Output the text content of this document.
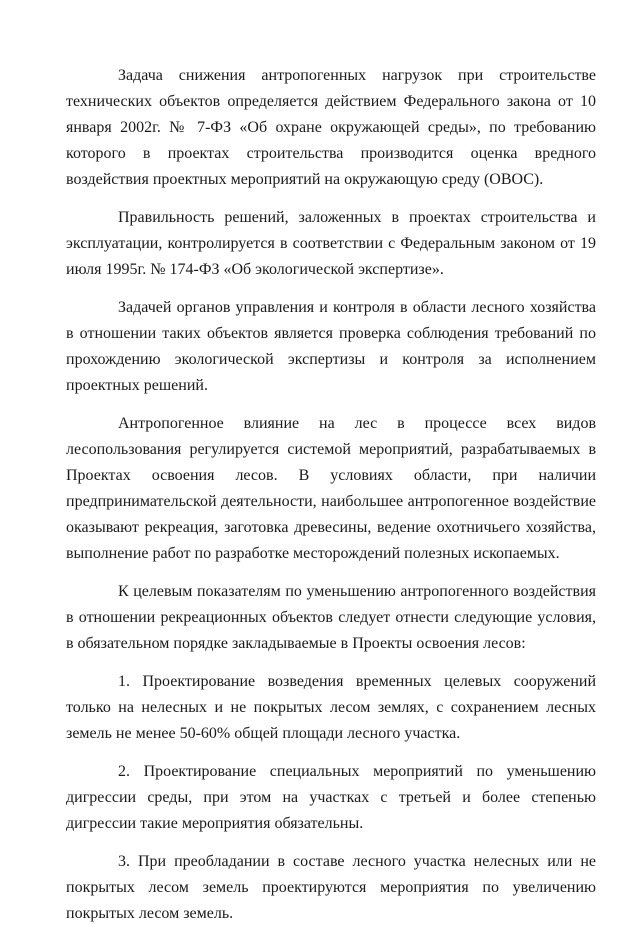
Задача снижения антропогенных нагрузок при строительстве технических объектов определяется действием Федерального закона от 10 января 2002г. № 7-ФЗ «Об охране окружающей среды», по требованию которого в проектах строительства производится оценка вредного воздействия проектных мероприятий на окружающую среду (ОВОС).

Правильность решений, заложенных в проектах строительства и эксплуатации, контролируется в соответствии с Федеральным законом от 19 июля 1995г. № 174-ФЗ «Об экологической экспертизе».

Задачей органов управления и контроля в области лесного хозяйства в отношении таких объектов является проверка соблюдения требований по прохождению экологической экспертизы и контроля за исполнением проектных решений.

Антропогенное влияние на лес в процессе всех видов лесопользования регулируется системой мероприятий, разрабатываемых в Проектах освоения лесов. В условиях области, при наличии предпринимательской деятельности, наибольшее антропогенное воздействие оказывают рекреация, заготовка древесины, ведение охотничьего хозяйства, выполнение работ по разработке месторождений полезных ископаемых.

К целевым показателям по уменьшению антропогенного воздействия в отношении рекреационных объектов следует отнести следующие условия, в обязательном порядке закладываемые в Проекты освоения лесов:

1. Проектирование возведения временных целевых сооружений только на нелесных и не покрытых лесом землях, с сохранением лесных земель не менее 50-60% общей площади лесного участка.

2. Проектирование специальных мероприятий по уменьшению дигрессии среды, при этом на участках с третьей и более степенью дигрессии такие мероприятия обязательны.

3. При преобладании в составе лесного участка нелесных или не покрытых лесом земель проектируются мероприятия по увеличению покрытых лесом земель.
